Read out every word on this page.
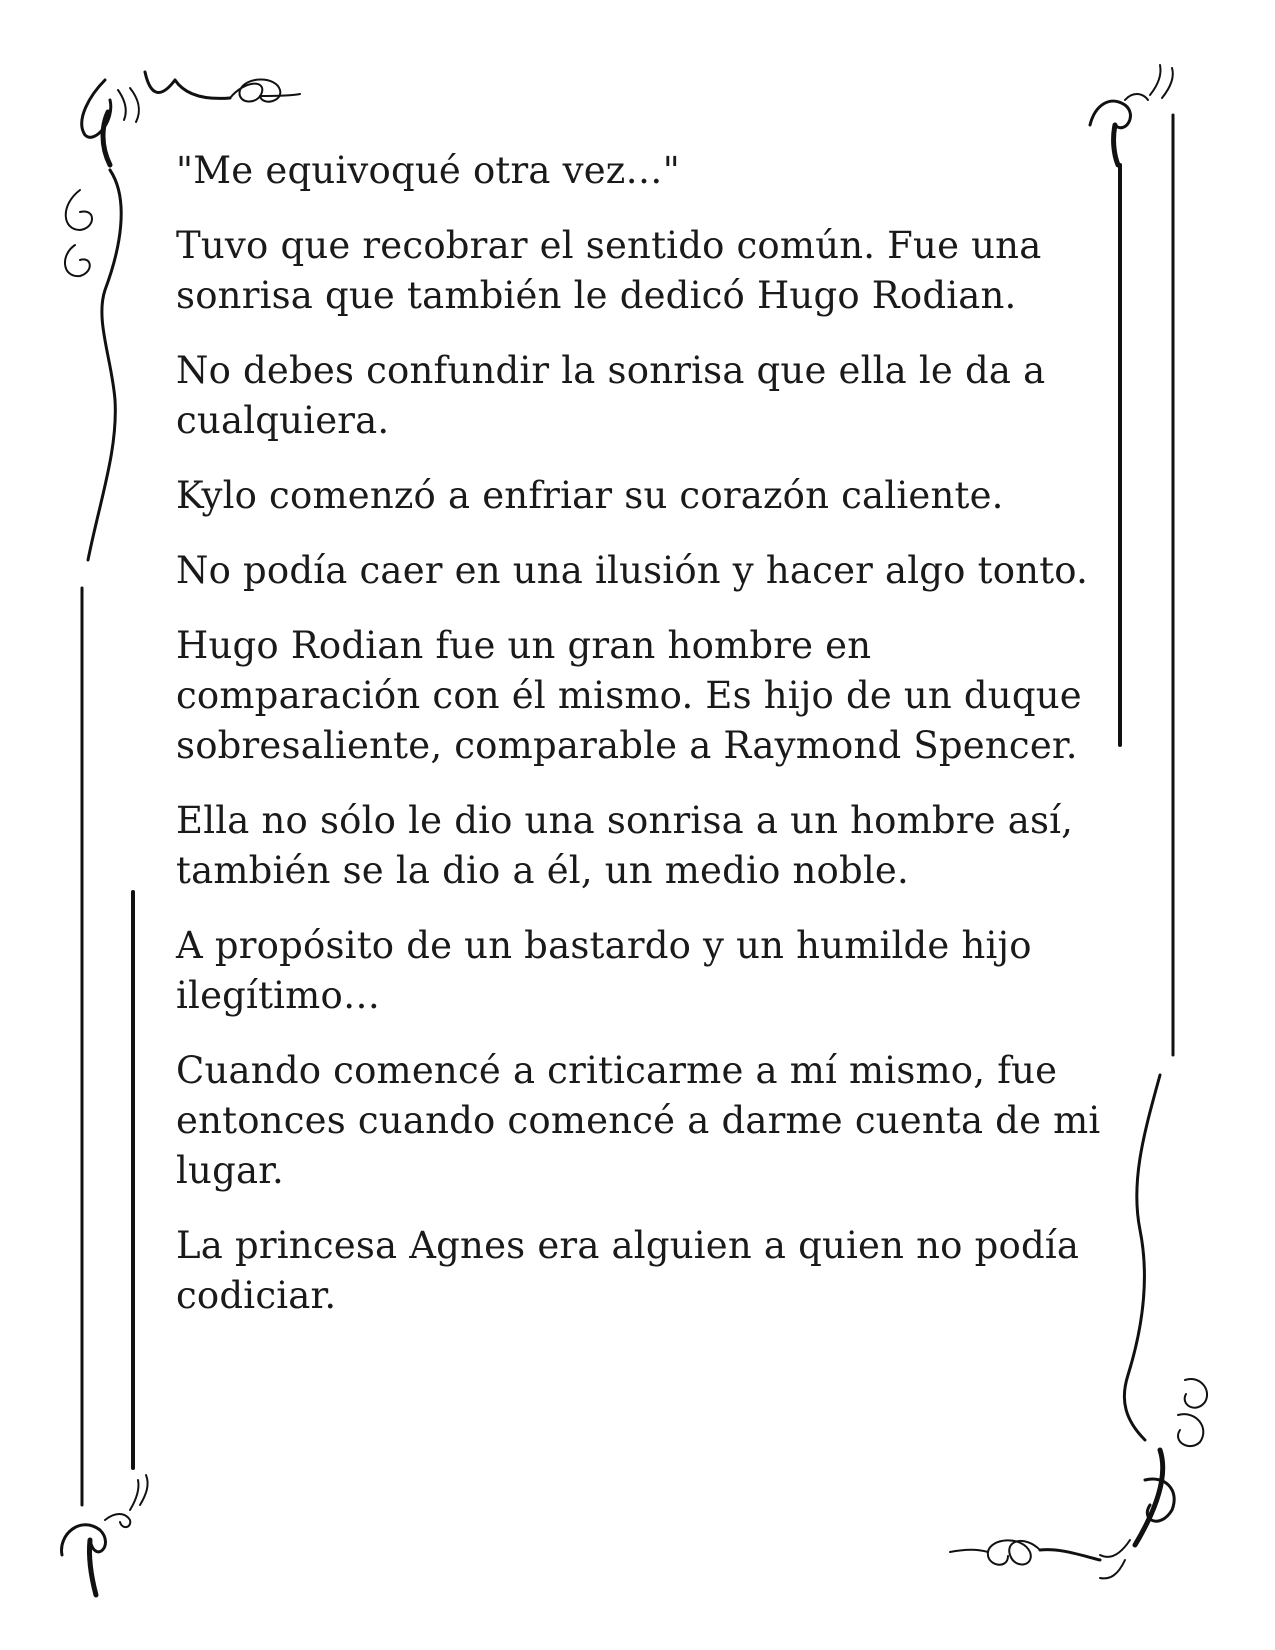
"Me equivoqué otra vez…"

Tuvo que recobrar el sentido común. Fue una sonrisa que también le dedicó Hugo Rodian.

No debes confundir la sonrisa que ella le da a cualquiera.

Kylo comenzó a enfriar su corazón caliente.

No podía caer en una ilusión y hacer algo tonto.

Hugo Rodian fue un gran hombre en comparación con él mismo. Es hijo de un duque sobresaliente, comparable a Raymond Spencer.

Ella no sólo le dio una sonrisa a un hombre así, también se la dio a él, un medio noble.

A propósito de un bastardo y un humilde hijo ilegítimo…

Cuando comencé a criticarme a mí mismo, fue entonces cuando comencé a darme cuenta de mi lugar.

La princesa Agnes era alguien a quien no podía codiciar.
